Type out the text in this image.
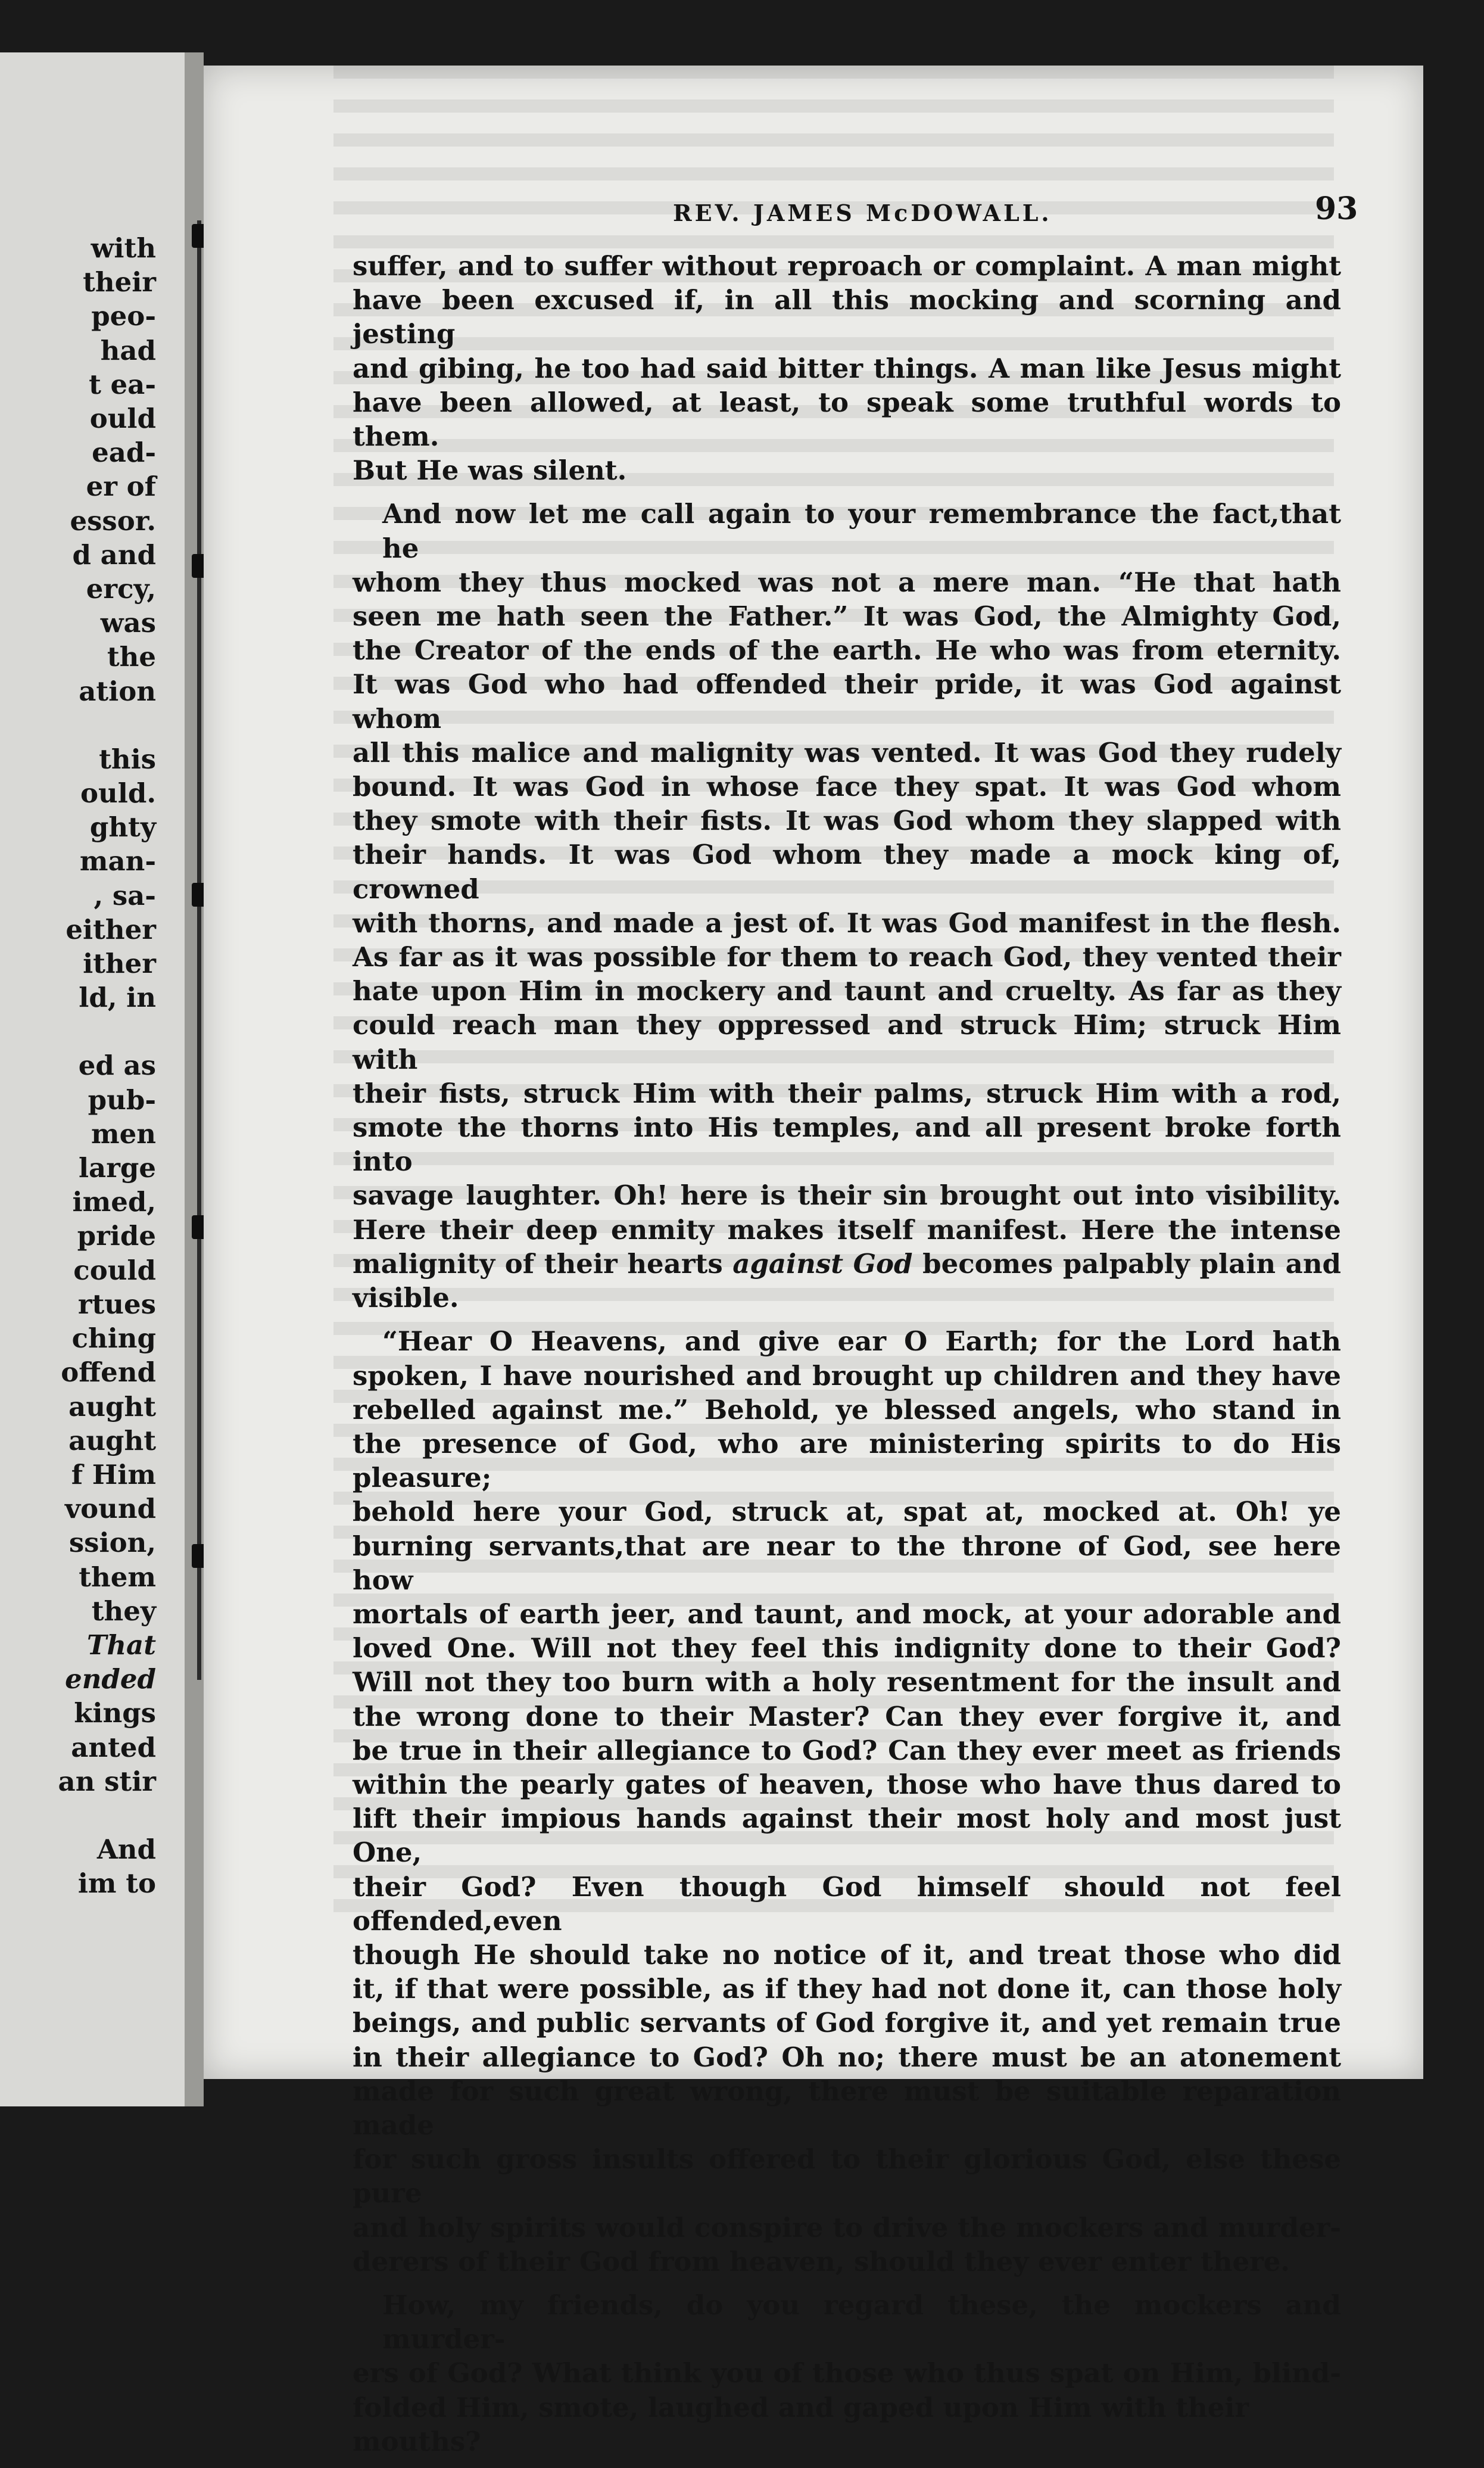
with
their
peo-
had
t ea-
ould
ead-
er of
essor.
d and
ercy,
was
the
ation
this
ould.
ghty
man-
, sa-
either
ither
ld, in
ed as
pub-
men
large
imed,
pride
could
rtues
ching
offend
aught
aught
f Him
vound
ssion,
them
they
That
ended
kings
anted
an stir
And
im to
REV. JAMES McDOWALL.	93
suffer, and to suffer without reproach or complaint. A man might
have been excused if, in all this mocking and scorning and jesting
and gibing, he too had said bitter things. A man like Jesus might
have been allowed, at least, to speak some truthful words to them.
But He was silent.
And now let me call again to your remembrance the fact,that he
whom they thus mocked was not a mere man. “He that hath
seen me hath seen the Father.” It was God, the Almighty God,
the Creator of the ends of the earth. He who was from eternity.
It was God who had offended their pride, it was God against whom
all this malice and malignity was vented. It was God they rudely
bound. It was God in whose face they spat. It was God whom
they smote with their fists. It was God whom they slapped with
their hands. It was God whom they made a mock king of, crowned
with thorns, and made a jest of. It was God manifest in the flesh.
As far as it was possible for them to reach God, they vented their
hate upon Him in mockery and taunt and cruelty. As far as they
could reach man they oppressed and struck Him; struck Him with
their fists, struck Him with their palms, struck Him with a rod,
smote the thorns into His temples, and all present broke forth into
savage laughter. Oh! here is their sin brought out into visibility.
Here their deep enmity makes itself manifest. Here the intense
malignity of their hearts against God becomes palpably plain and
visible.
“Hear O Heavens, and give ear O Earth; for the Lord hath
spoken, I have nourished and brought up children and they have
rebelled against me.” Behold, ye blessed angels, who stand in
the presence of God, who are ministering spirits to do His pleasure;
behold here your God, struck at, spat at, mocked at. Oh! ye
burning servants,that are near to the throne of God, see here how
mortals of earth jeer, and taunt, and mock, at your adorable and
loved One. Will not they feel this indignity done to their God?
Will not they too burn with a holy resentment for the insult and
the wrong done to their Master? Can they ever forgive it, and
be true in their allegiance to God? Can they ever meet as friends
within the pearly gates of heaven, those who have thus dared to
lift their impious hands against their most holy and most just One,
their God? Even though God himself should not feel offended,even
though He should take no notice of it, and treat those who did
it, if that were possible, as if they had not done it, can those holy
beings, and public servants of God forgive it, and yet remain true
in their allegiance to God? Oh no; there must be an atonement
made for such great wrong, there must be suitable reparation made
for such gross insults offered to their glorious God, else these pure
and holy spirits would conspire to drive the mockers and murder-
derers of their God from heaven, should they ever enter there.
How, my friends, do you regard these, the mockers and murder-
ers of God? What think you of those who thus spat on Him, blind-
folded Him, smote, laughed and gaped upon Him with their mouths?
